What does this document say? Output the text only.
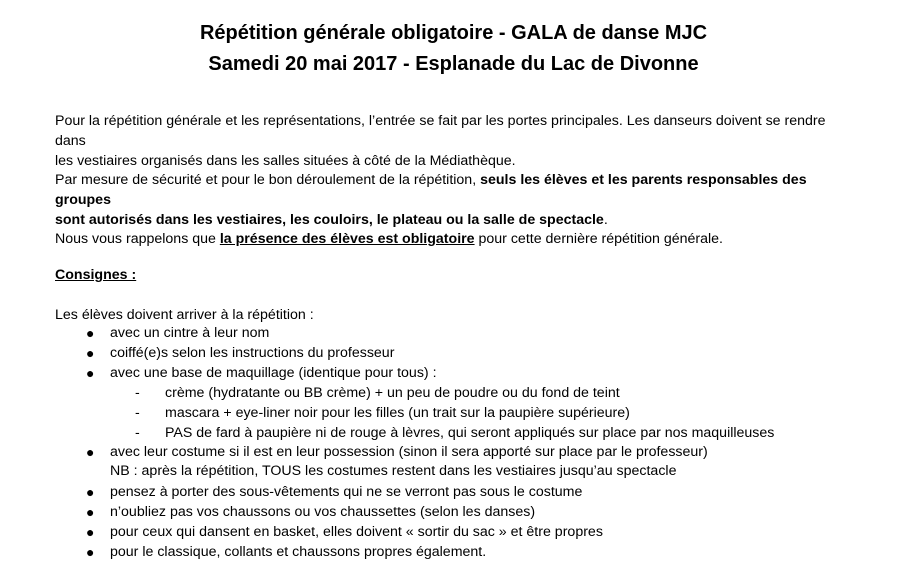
Répétition générale obligatoire - GALA de danse MJC
Samedi 20 mai 2017 - Esplanade du Lac de Divonne

Pour la répétition générale et les représentations, l’entrée se fait par les portes principales. Les danseurs doivent se rendre dans
les vestiaires organisés dans les salles situées à côté de la Médiathèque.

Par mesure de sécurité et pour le bon déroulement de la répétition, seuls les élèves et les parents responsables des groupes
sont autorisés dans les vestiaires, les couloirs, le plateau ou la salle de spectacle.

Nous vous rappelons que la présence des élèves est obligatoire pour cette dernière répétition générale.

Consignes :

Les élèves doivent arriver à la répétition :

● avec un cintre à leur nom
● coiffé(e)s selon les instructions du professeur
● avec une base de maquillage (identique pour tous) :
- crème (hydratante ou BB crème) + un peu de poudre ou du fond de teint
- mascara + eye-liner noir pour les filles (un trait sur la paupière supérieure)
- PAS de fard à paupière ni de rouge à lèvres, qui seront appliqués sur place par nos maquilleuses
● avec leur costume si il est en leur possession (sinon il sera apporté sur place par le professeur)
NB : après la répétition, TOUS les costumes restent dans les vestiaires jusqu’au spectacle
● pensez à porter des sous-vêtements qui ne se verront pas sous le costume
● n’oubliez pas vos chaussons ou vos chaussettes (selon les danses)
● pour ceux qui dansent en basket, elles doivent « sortir du sac » et être propres
● pour le classique, collants et chaussons propres également.
